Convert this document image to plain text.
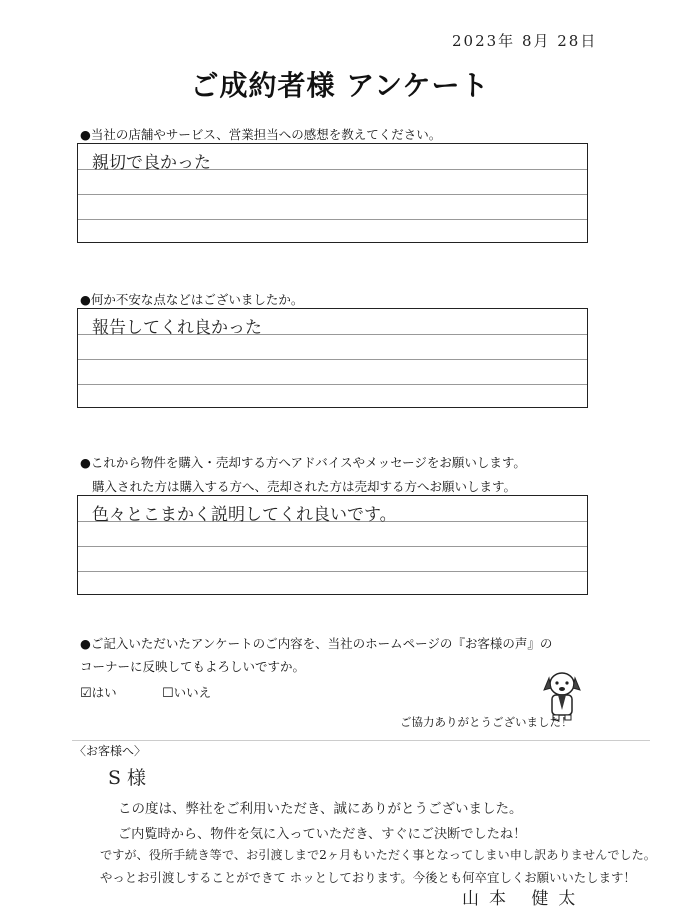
2023年 8月 28日
ご成約者様 アンケート
●当社の店舗やサービス、営業担当への感想を教えてください。
親切で良かった
●何か不安な点などはございましたか。
報告してくれ良かった
●これから物件を購入・売却する方へアドバイスやメッセージをお願いします。
購入された方は購入する方へ、売却された方は売却する方へお願いします。
色々とこまかく説明してくれ良いです。
●ご記入いただいたアンケートのご内容を、当社のホームページの『お客様の声』の
コーナーに反映してもよろしいですか。
☑はい	☐いいえ
ご協力ありがとうございました！
〈お客様へ〉
S 様
この度は、弊社をご利用いただき、誠にありがとうございました。
ご内覧時から、物件を気に入っていただき、すぐにご決断でしたね！
ですが、役所手続き等で、お引渡しまで2ヶ月もいただく事となってしまい申し訳ありませんでした。
やっとお引渡しすることができて ホッとしております。今後とも何卒宜しくお願いいたします！
山本 健太
